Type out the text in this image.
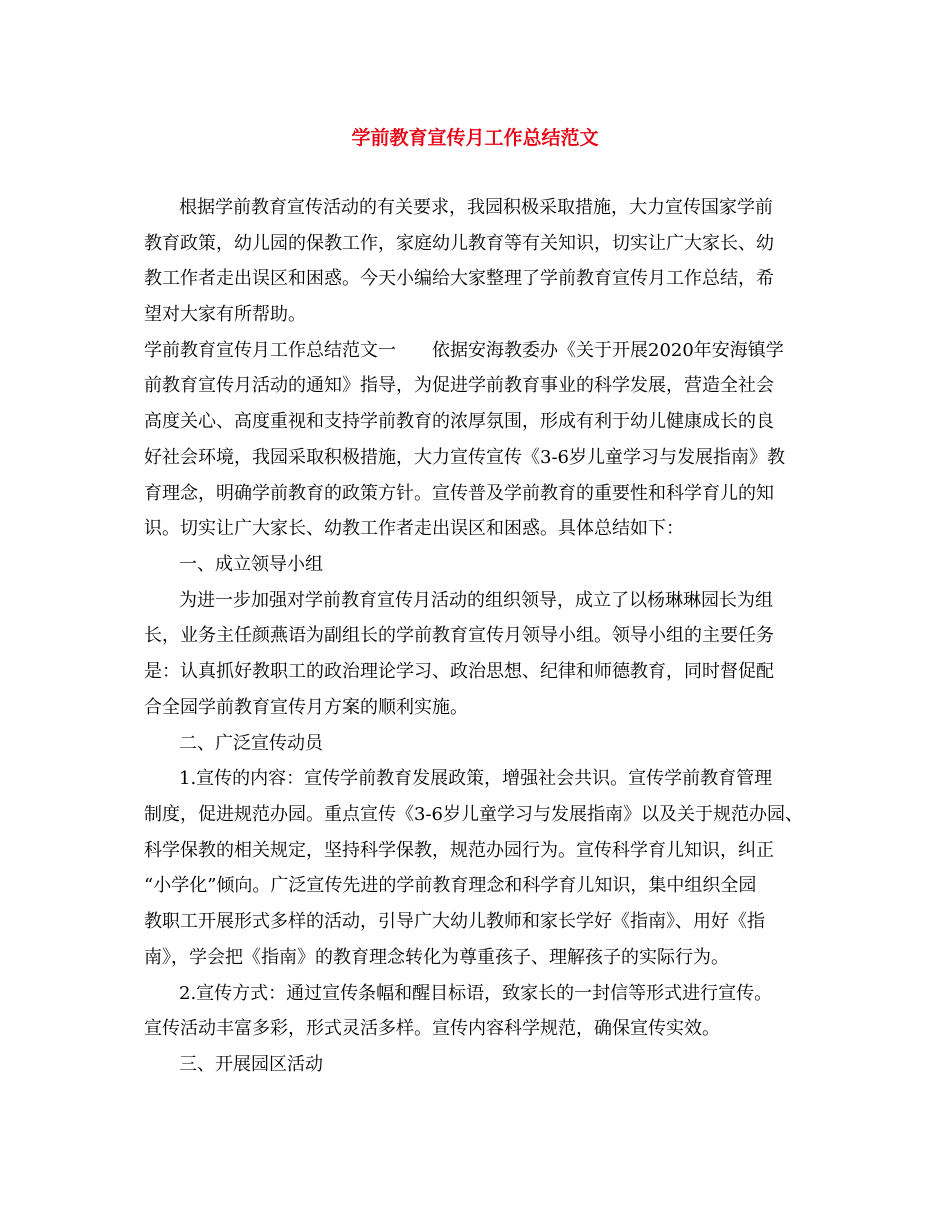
学前教育宣传月工作总结范文
根据学前教育宣传活动的有关要求，我园积极采取措施，大力宣传国家学前
教育政策，幼儿园的保教工作，家庭幼儿教育等有关知识，切实让广大家长、幼
教工作者走出误区和困惑。今天小编给大家整理了学前教育宣传月工作总结，希
望对大家有所帮助。
学前教育宣传月工作总结范文一　　依据安海教委办《关于开展2020年安海镇学
前教育宣传月活动的通知》指导，为促进学前教育事业的科学发展，营造全社会
高度关心、高度重视和支持学前教育的浓厚氛围，形成有利于幼儿健康成长的良
好社会环境，我园采取积极措施，大力宣传宣传《3-6岁儿童学习与发展指南》教
育理念，明确学前教育的政策方针。宣传普及学前教育的重要性和科学育儿的知
识。切实让广大家长、幼教工作者走出误区和困惑。具体总结如下：
一、成立领导小组
为进一步加强对学前教育宣传月活动的组织领导，成立了以杨琳琳园长为组
长，业务主任颜燕语为副组长的学前教育宣传月领导小组。领导小组的主要任务
是：认真抓好教职工的政治理论学习、政治思想、纪律和师德教育，同时督促配
合全园学前教育宣传月方案的顺利实施。
二、广泛宣传动员
1.宣传的内容：宣传学前教育发展政策，增强社会共识。宣传学前教育管理
制度，促进规范办园。重点宣传《3-6岁儿童学习与发展指南》以及关于规范办园、
科学保教的相关规定，坚持科学保教，规范办园行为。宣传科学育儿知识，纠正
“小学化”倾向。广泛宣传先进的学前教育理念和科学育儿知识，集中组织全园
教职工开展形式多样的活动，引导广大幼儿教师和家长学好《指南》、用好《指
南》，学会把《指南》的教育理念转化为尊重孩子、理解孩子的实际行为。
2.宣传方式：通过宣传条幅和醒目标语，致家长的一封信等形式进行宣传。
宣传活动丰富多彩，形式灵活多样。宣传内容科学规范，确保宣传实效。
三、开展园区活动
